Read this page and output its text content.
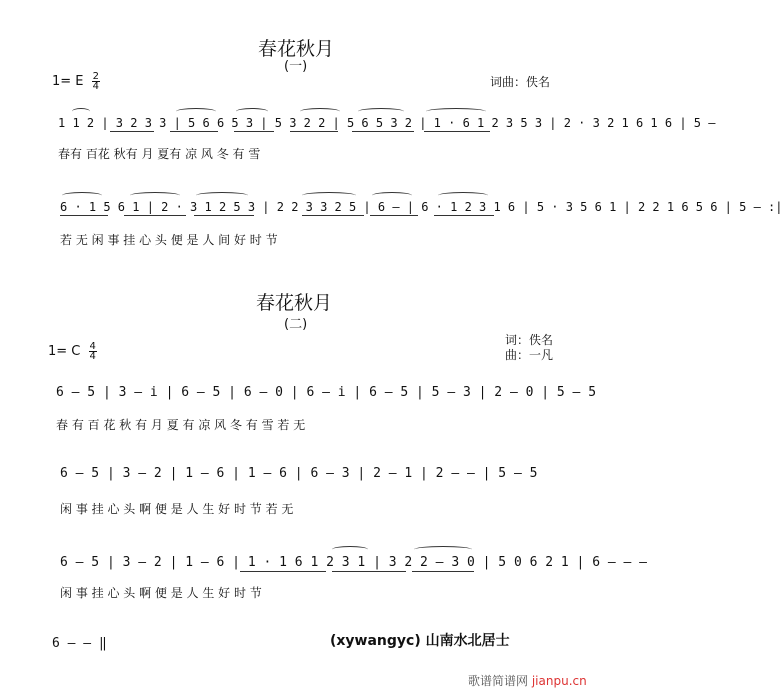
春花秋月
(一)
1= E $\frac{2}{4}$	词曲：佚名
1 1 2 | 3 2 3 3 | 5 6 6 5 3 | 5 3 2 2 | 5 6 5 3 2 | 1 · 6 1 2 3 5 3 | 2 · 3 2 1 6 1 6 | 5 –
春有 百花 秋有 月 夏有 凉 风 冬 有 雪
6 · 1 5 6 1 | 2 · 3 1 2 5 3 | 2 2 3 3 2 5 | 6 – | 6 · 1 2 3 1 6 | 5 · 3 5 6 1 | 2 2 1 6 5 6 | 5 – :|
若 无 闲 事 挂 心 头 便 是 人 间 好 时 节
春花秋月
(二)
1= C $\frac{4}{4}$
词：佚名
曲：一凡
6 – 5 | 3 – i | 6 – 5 | 6 – 0 | 6 – i | 6 – 5 | 5 – 3 | 2 – 0 | 5 – 5
春 有 百 花 秋 有 月 夏 有 凉 风 冬 有 雪 若 无
6 – 5 | 3 – 2 | 1 – 6 | 1 – 6 | 6 – 3 | 2 – 1 | 2 – – | 5 – 5
闲 事 挂 心 头 啊 便 是 人 生 好 时 节 若 无
6 – 5 | 3 – 2 | 1 – 6 | 1 · 1 6 1 2 3 1 | 3 2 2 – 3 0 | 5 0 6 2 1 | 6 – – –
闲 事 挂 心 头 啊 便 是 人 生 好 时 节
6 – – ‖	(xywangyc) 山南水北居士
歌谱简谱网 jianpu.cn
